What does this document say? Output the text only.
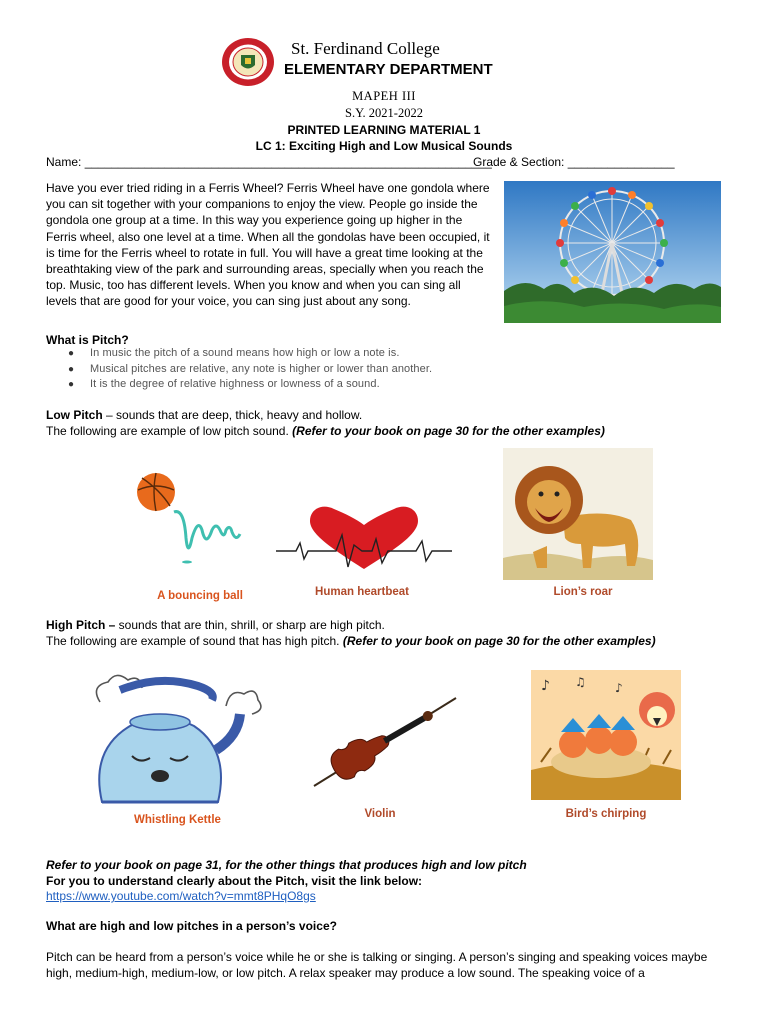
St. Ferdinand College
ELEMENTARY DEPARTMENT
MAPEH III
S.Y. 2021-2022
PRINTED LEARNING MATERIAL 1
LC 1: Exciting High and Low Musical Sounds
Name: _____________________________________________________________
Grade & Section: ________________

Have you ever tried riding in a Ferris Wheel? Ferris Wheel have one gondola where you can sit together with your companions to enjoy the view. People go inside the gondola one group at a time. In this way you experience going up higher in the Ferris wheel, also one level at a time. When all the gondolas have been occupied, it is time for the Ferris wheel to rotate in full. You will have a great time looking at the breathtaking view of the park and surrounding areas, specially when you reach the top. Music, too has different levels. When you know and when you can sing all levels that are good for your voice, you can sing just about any song.

What is Pitch?
● In music the pitch of a sound means how high or low a note is.
● Musical pitches are relative, any note is higher or lower than another.
● It is the degree of relative highness or lowness of a sound.
Low Pitch – sounds that are deep, thick, heavy and hollow.
The following are example of low pitch sound. (Refer to your book on page 30 for the other examples)
A bouncing ball	Human heartbeat	Lion’s roar
High Pitch – sounds that are thin, shrill, or sharp are high pitch.
The following are example of sound that has high pitch. (Refer to your book on page 30 for the other examples)
Whistling Kettle	Violin
♪ ♫ ♪
Bird’s chirping
Refer to your book on page 31, for the other things that produces high and low pitch
For you to understand clearly about the Pitch, visit the link below:
https://www.youtube.com/watch?v=mmt8PHqO8gs
What are high and low pitches in a person’s voice?

Pitch can be heard from a person’s voice while he or she is talking or singing. A person’s singing and speaking voices maybe high, medium-high, medium-low, or low pitch. A relax speaker may produce a low sound. The speaking voice of a
